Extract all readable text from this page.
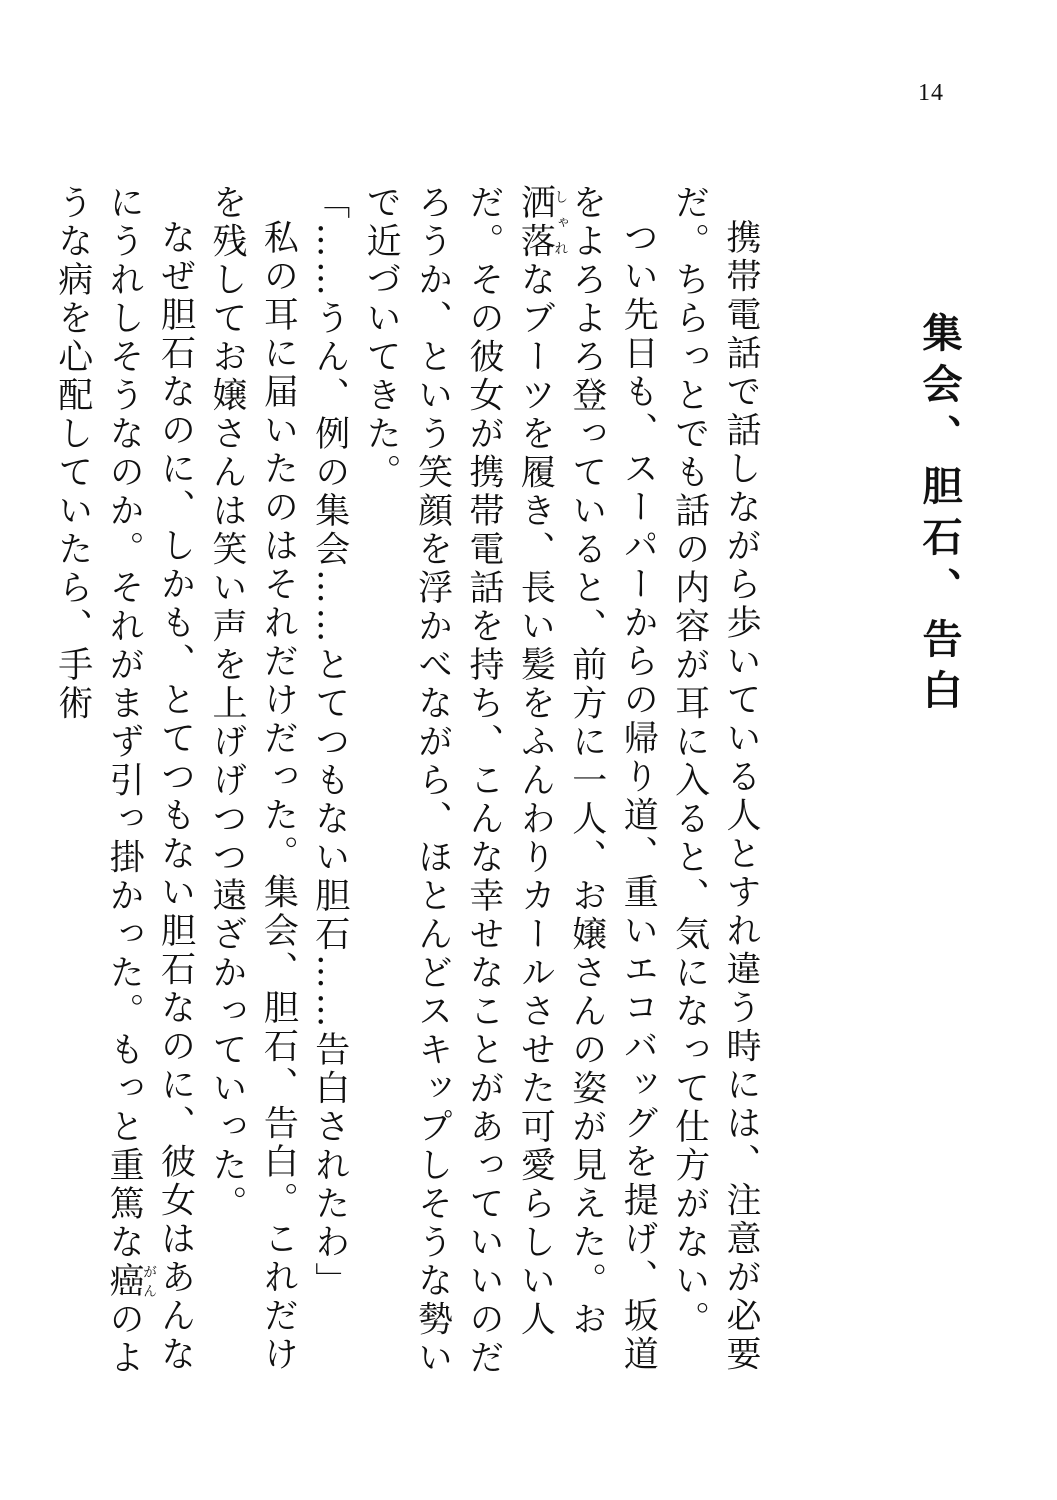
14
集会、胆石、告白

携帯電話で話しながら歩いている人とすれ違う時には、注意が必要だ。ちらっとでも話の内容が耳に入ると、気になって仕方がない。

つい先日も、スーパーからの帰り道、重いエコバッグを提げ、坂道をよろよろ登っていると、前方に一人、お嬢さんの姿が見えた。お洒落しゃれなブーツを履き、長い髪をふんわりカールさせた可愛らしい人だ。その彼女が携帯電話を持ち、こんな幸せなことがあっていいのだろうか、という笑顔を浮かべながら、ほとんどスキップしそうな勢いで近づいてきた。

「……うん、例の集会……とてつもない胆石……告白されたわ」

私の耳に届いたのはそれだけだった。集会、胆石、告白。これだけを残してお嬢さんは笑い声を上げげつつ遠ざかっていった。

なぜ胆石なのに、しかも、とてつもない胆石なのに、彼女はあんなにうれしそうなのか。それがまず引っ掛かった。もっと重篤な癌がんのような病を心配していたら、手術
